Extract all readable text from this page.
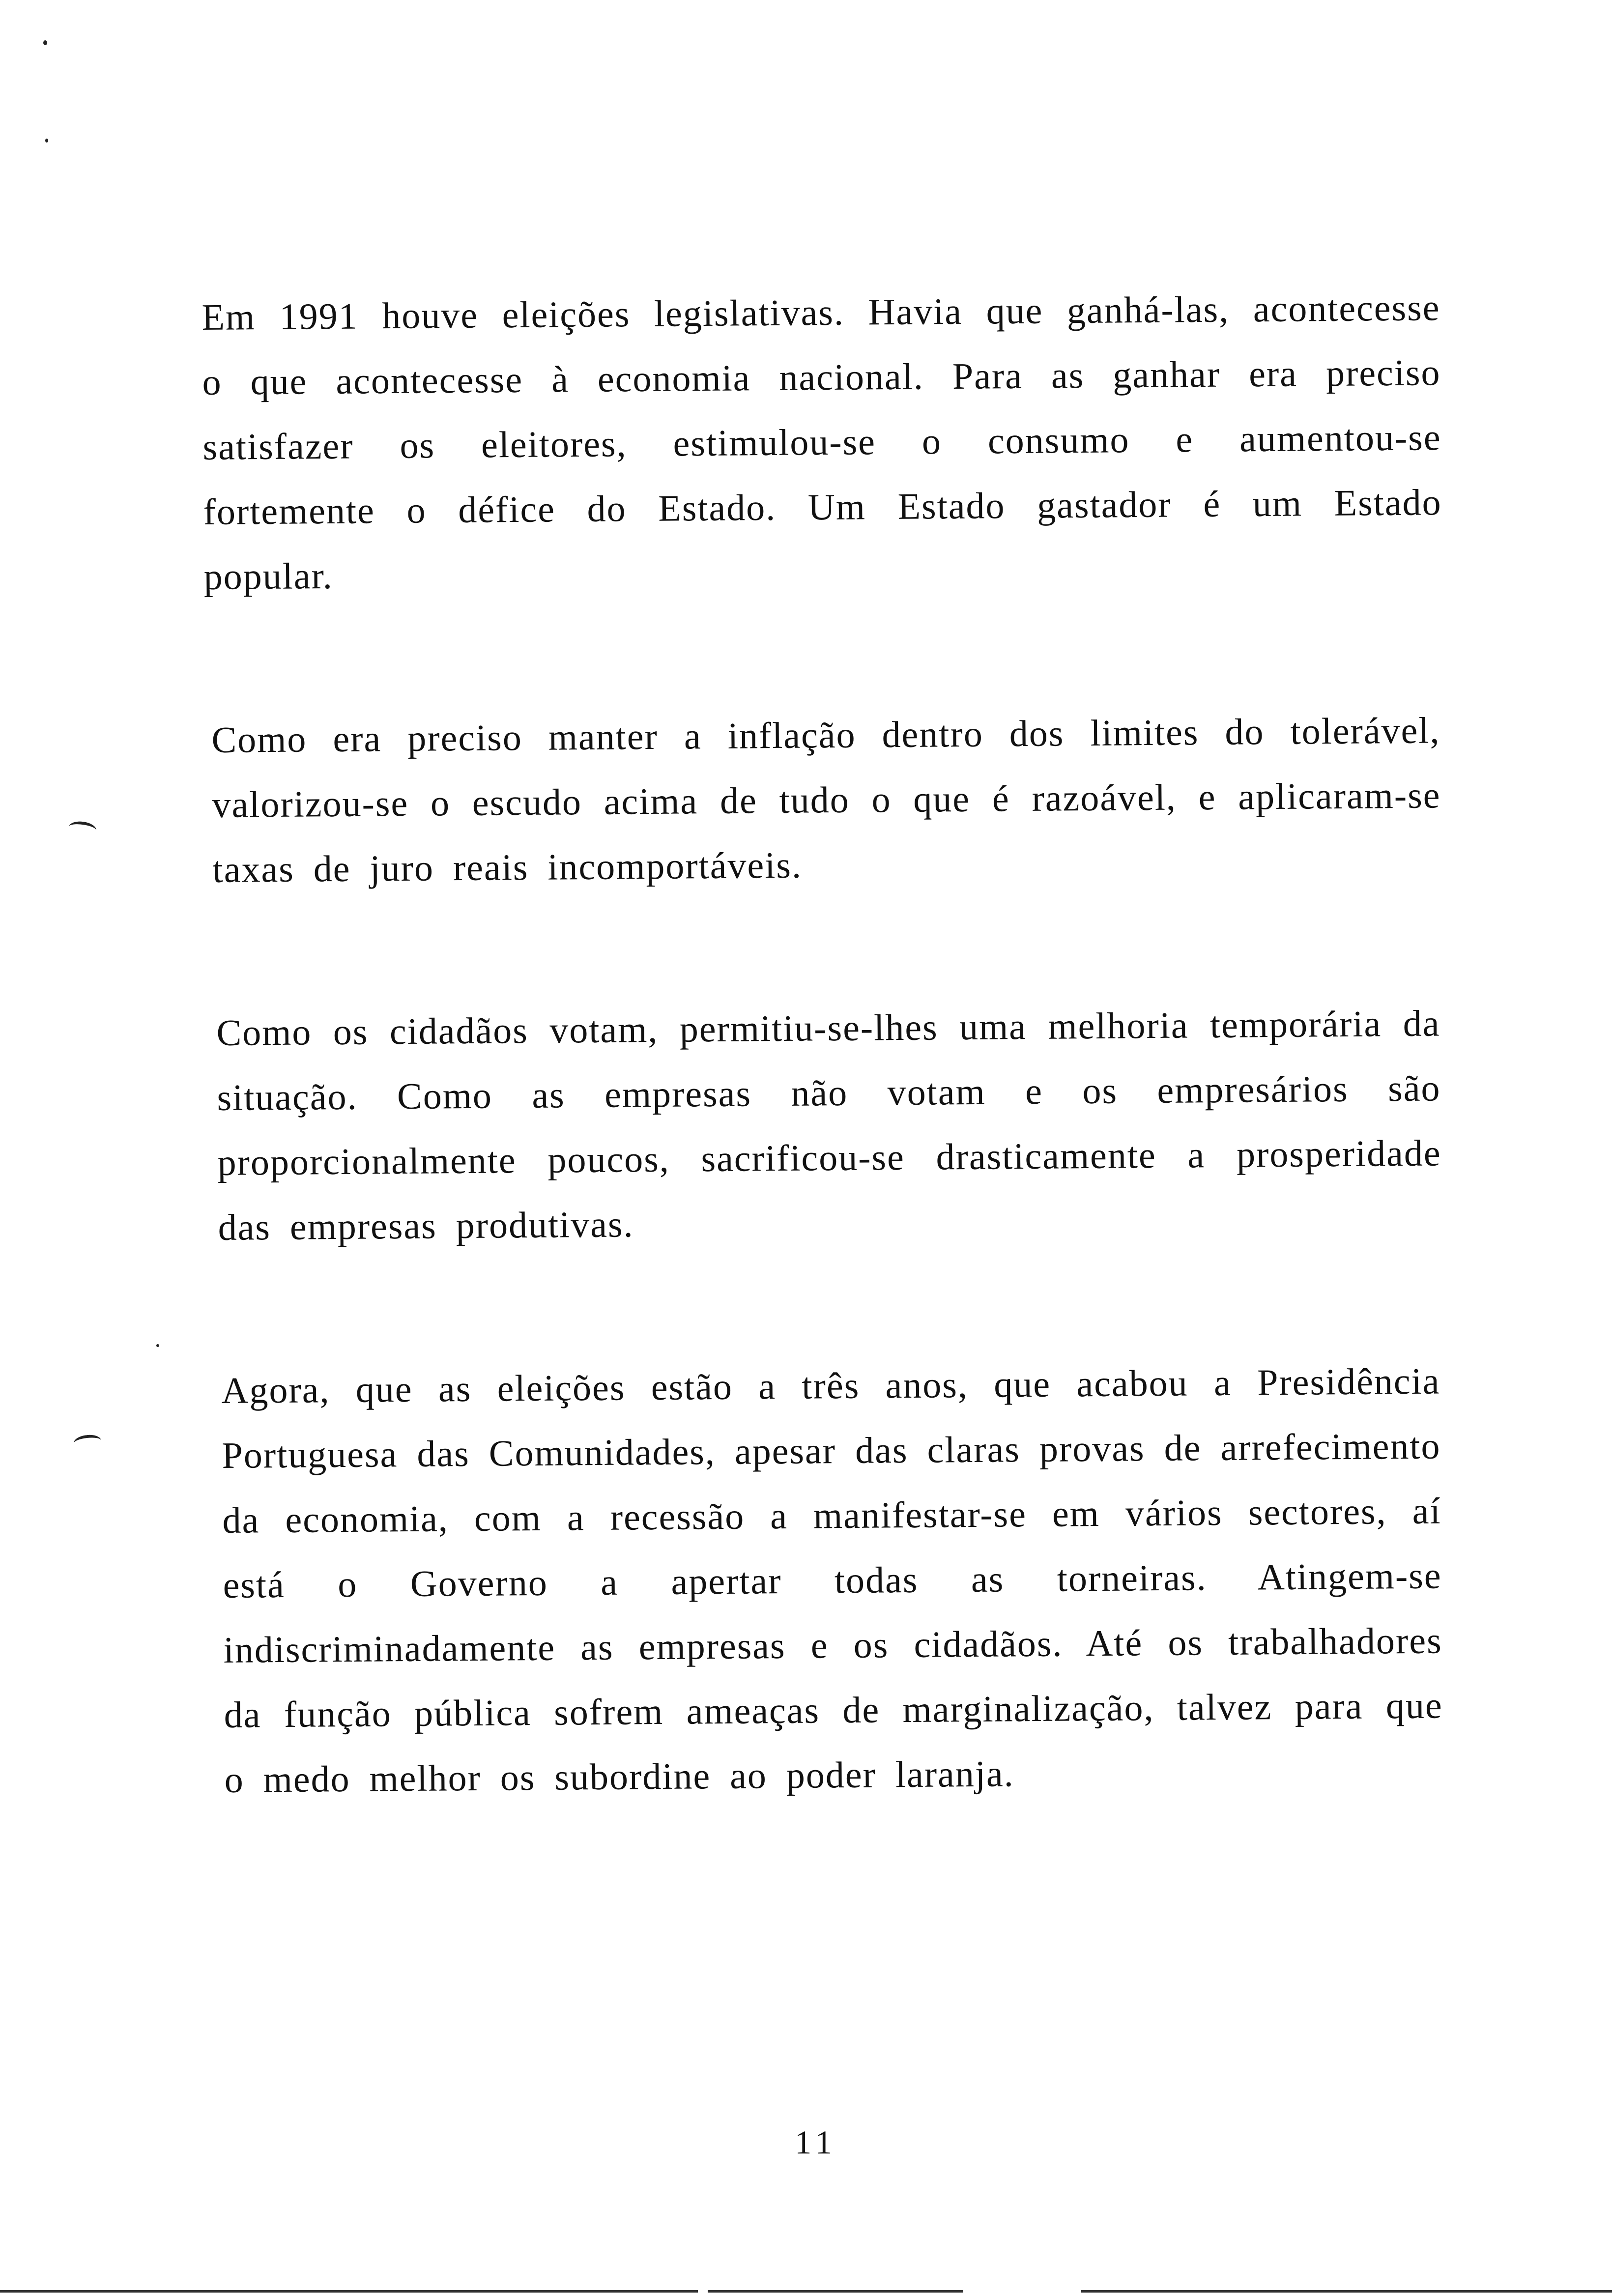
Em 1991 houve eleições legislativas. Havia que ganhá-las, acontecesse o que acontecesse à economia nacional. Para as ganhar era preciso satisfazer os eleitores, estimulou-se o consumo e aumentou-se fortemente o défice do Estado. Um Estado gastador é um Estado popular.

Como era preciso manter a inflação dentro dos limites do tolerável, valorizou-se o escudo acima de tudo o que é razoável, e aplicaram-se taxas de juro reais incomportáveis.

Como os cidadãos votam, permitiu-se-lhes uma melhoria temporária da situação. Como as empresas não votam e os empresários são proporcionalmente poucos, sacrificou-se drasticamente a prosperidade das empresas produtivas.

Agora, que as eleições estão a três anos, que acabou a Presidência Portuguesa das Comunidades, apesar das claras provas de arrefecimento da economia, com a recessão a manifestar-se em vários sectores, aí está o Governo a apertar todas as torneiras. Atingem-se indiscriminadamente as empresas e os cidadãos. Até os trabalhadores da função pública sofrem ameaças de marginalização, talvez para que o medo melhor os subordine ao poder laranja.

11
